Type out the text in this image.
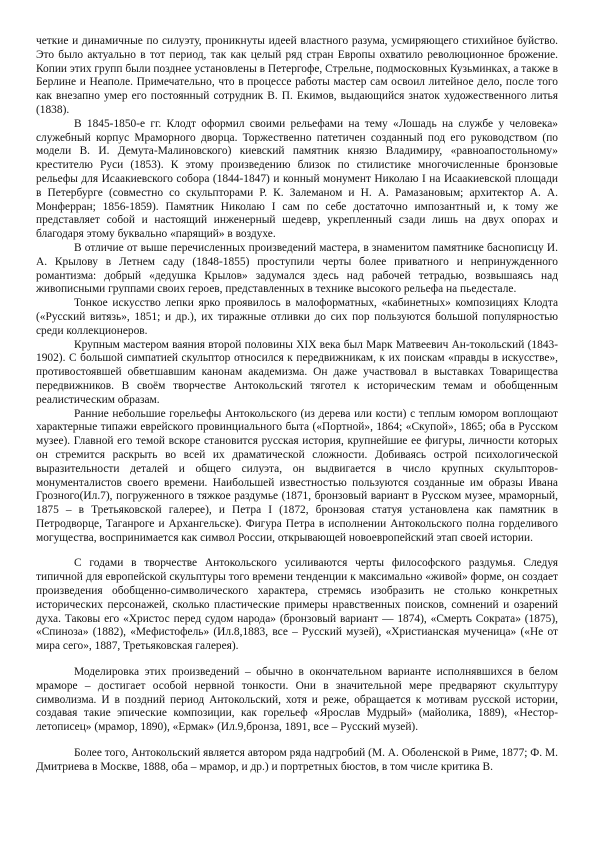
четкие и динамичные по силуэту, проникнуты идеей властного разума, усмиряющего стихийное буйство. Это было актуально в тот период, так как целый ряд стран Европы охватило революционное брожение. Копии этих групп были позднее установлены в Петергофе, Стрельне, подмосковных Кузьминках, а также в Берлине и Неаполе. Примечательно, что в процессе работы мастер сам освоил литейное дело, после того как внезапно умер его постоянный сотрудник В. П. Екимов, выдающийся знаток художественного литья (1838).

В 1845-1850-е гг. Клодт оформил своими рельефами на тему «Лошадь на службе у человека» служебный корпус Мраморного дворца. Торжественно патетичен созданный под его руководством (по модели В. И. Демута-Малиновского) киевский памятник князю Владимиру, «равноапостольному» крестителю Руси (1853). К этому произведению близок по стилистике многочисленные бронзовые рельефы для Исаакиевского собора (1844-1847) и конный монумент Николаю I на Исаакиевской площади в Петербурге (совместно со скульпторами Р. К. Залеманом и Н. А. Рамазановым; архитектор А. А. Монферран; 1856-1859). Памятник Николаю I сам по себе достаточно импозантный и, к тому же представляет собой и настоящий инженерный шедевр, укрепленный сзади лишь на двух опорах и благодаря этому буквально «парящий» в воздухе.

В отличие от выше перечисленных произведений мастера, в знаменитом памятнике баснописцу И. А. Крылову в Летнем саду (1848-1855) проступили черты более приватного и непринужденного романтизма: добрый «дедушка Крылов» задумался здесь над рабочей тетрадью, возвышаясь над живописными группами своих героев, представленных в технике высокого рельефа на пьедестале.

Тонкое искусство лепки ярко проявилось в малоформатных, «кабинетных» композициях Клодта («Русский витязь», 1851; и др.), их тиражные отливки до сих пор пользуются большой популярностью среди коллекционеров.

Крупным мастером ваяния второй половины XIX века был Марк Матвеевич Ан-токольский (1843-1902). С большой симпатией скульптор относился к передвижникам, к их поискам «правды в искусстве», противостоявшей обветшавшим канонам академизма. Он даже участвовал в выставках Товарищества передвижников. В своём творчестве Антокольский тяготел к историческим темам и обобщенным реалистическим образам.

Ранние небольшие горельефы Антокольского (из дерева или кости) с теплым юмором воплощают характерные типажи еврейского провинциального быта («Портной», 1864; «Скупой», 1865; оба в Русском музее). Главной его темой вскоре становится русская история, крупнейшие ее фигуры, личности которых он стремится раскрыть во всей их драматической сложности. Добиваясь острой психологической выразительности деталей и общего силуэта, он выдвигается в число крупных скульпторов-монументалистов своего времени. Наибольшей известностью пользуются созданные им образы Ивана Грозного(Ил.7), погруженного в тяжкое раздумье (1871, бронзовый вариант в Русском музее, мраморный, 1875 – в Третьяковской галерее), и Петра I (1872, бронзовая статуя установлена как памятник в Петродворце, Таганроге и Архангельске). Фигура Петра в исполнении Антокольского полна горделивого могущества, воспринимается как символ России, открывающей новоевропейский этап своей истории.

С годами в творчестве Антокольского усиливаются черты философского раздумья. Следуя типичной для европейской скульптуры того времени тенденции к максимально «живой» форме, он создает произведения обобщенно-символического характера, стремясь изобразить не столько конкретных исторических персонажей, сколько пластические примеры нравственных поисков, сомнений и озарений духа. Таковы его «Христос перед судом народа» (бронзовый вариант — 1874), «Смерть Сократа» (1875), «Спиноза» (1882), «Мефистофель» (Ил.8,1883, все – Русский музей), «Христианская мученица» («Не от мира сего», 1887, Третьяковская галерея).

Моделировка этих произведений – обычно в окончательном варианте исполнявшихся в белом мраморе – достигает особой нервной тонкости. Они в значительной мере предваряют скульптуру символизма. И в поздний период Антокольский, хотя и реже, обращается к мотивам русской истории, создавая такие эпические композиции, как горельеф «Ярослав Мудрый» (майолика, 1889), «Нестор-летописец» (мрамор, 1890), «Ермак» (Ил.9,бронза, 1891, все – Русский музей).

Более того, Антокольский является автором ряда надгробий (М. А. Оболенской в Риме, 1877; Ф. М. Дмитриева в Москве, 1888, оба – мрамор, и др.) и портретных бюстов, в том числе критика В.
